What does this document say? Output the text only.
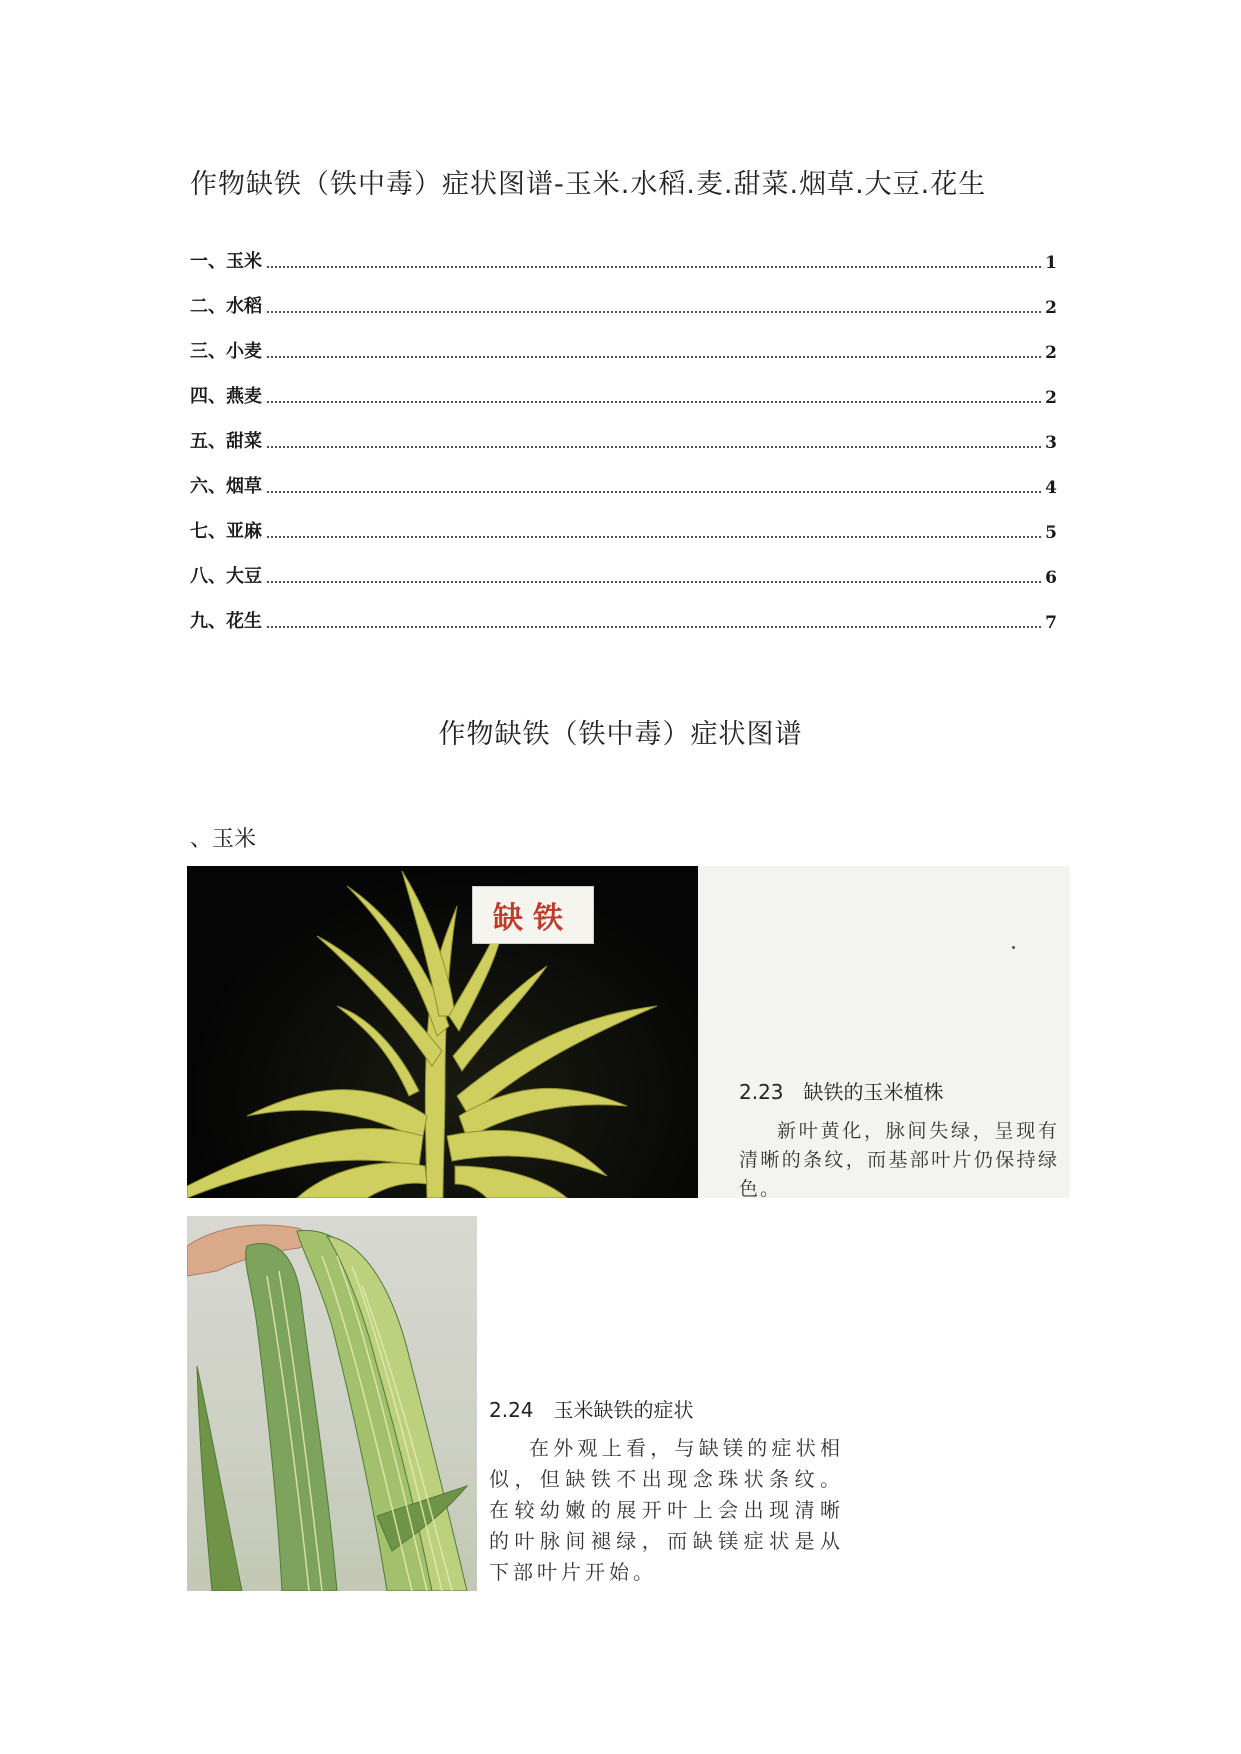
作物缺铁（铁中毒）症状图谱-玉米.水稻.麦.甜菜.烟草.大豆.花生
一、玉米	1
二、水稻	2
三、小麦	2
四、燕麦	2
五、甜菜	3
六、烟草	4
七、亚麻	5
八、大豆	6
九、花生	7
作物缺铁（铁中毒）症状图谱
、玉米
缺铁
2.23 缺铁的玉米植株
新叶黄化，脉间失绿，呈现有清晰的条纹，而基部叶片仍保持绿色。
2.24 玉米缺铁的症状
在外观上看，与缺镁的症状相似，但缺铁不出现念珠状条纹。在较幼嫩的展开叶上会出现清晰的叶脉间褪绿，而缺镁症状是从下部叶片开始。
